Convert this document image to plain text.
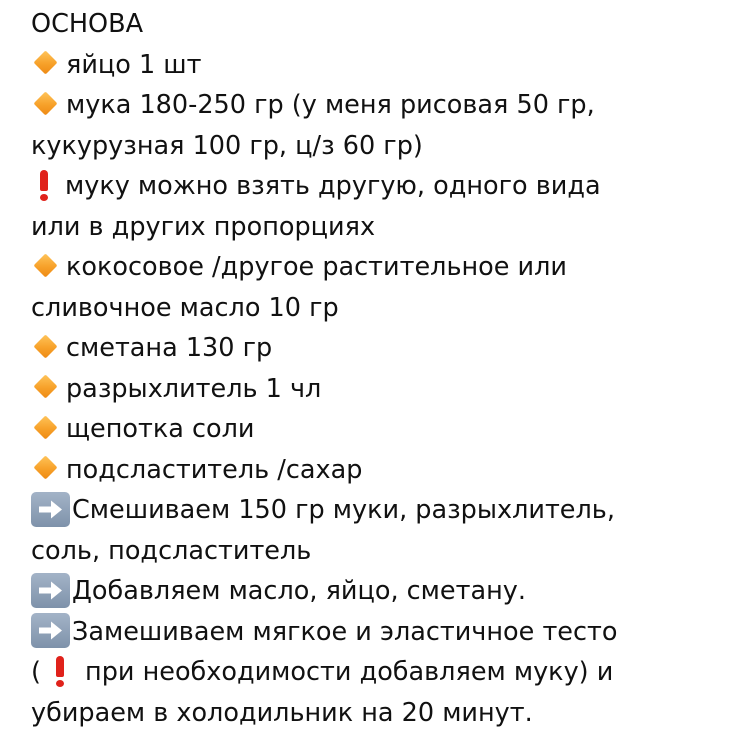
ОСНОВА
яйцо 1 шт
мука 180-250 гр (у меня рисовая 50 гр,
кукурузная 100 гр, ц/з 60 гр)
муку можно взять другую, одного вида
или в других пропорциях
кокосовое /другое растительное или
сливочное масло 10 гр
сметана 130 гр
разрыхлитель 1 чл
щепотка соли
подсластитель /сахар
Смешиваем 150 гр муки, разрыхлитель,
соль, подсластитель
Добавляем масло, яйцо, сметану.
Замешиваем мягкое и эластичное тесто
(
при необходимости добавляем муку) и
убираем в холодильник на 20 минут.
